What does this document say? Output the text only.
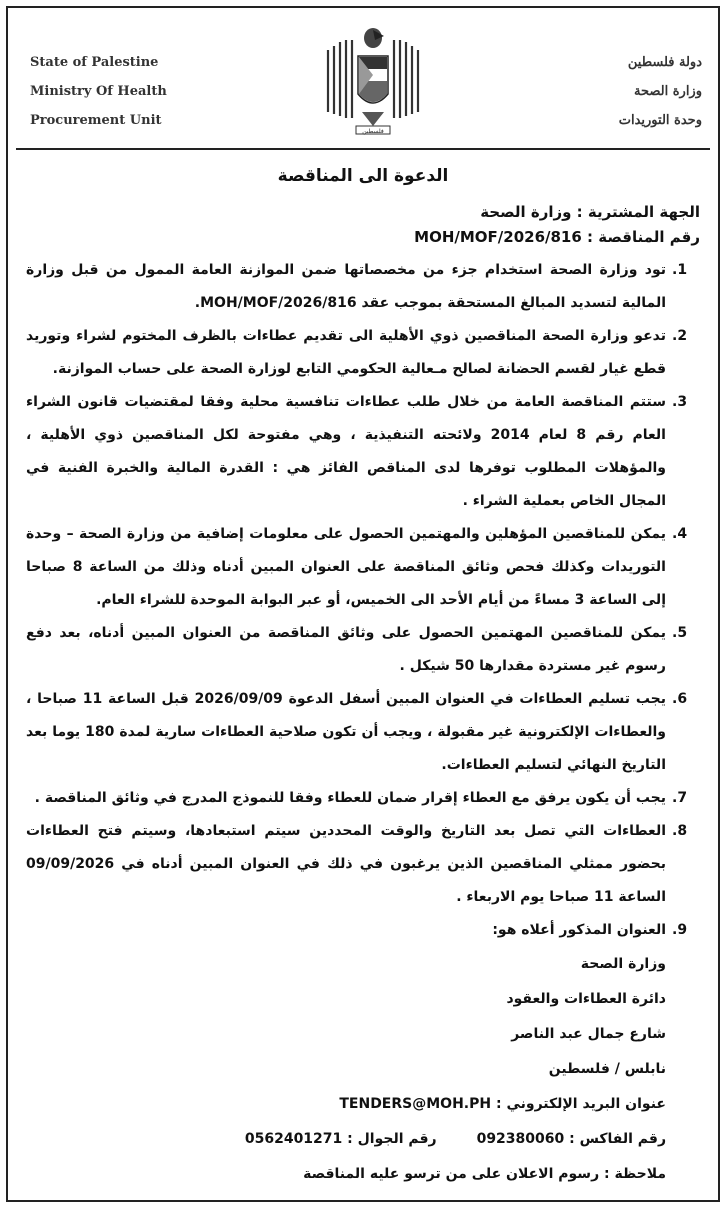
State of Palestine
Ministry Of Health
Procurement Unit
فلسطين
دولة فلسطين
وزارة الصحة
وحدة التوريدات
الدعوة الى المناقصة
الجهة المشترية : وزارة الصحة
رقم المناقصة : MOH/MOF/2026/816
.1
تود وزارة الصحة استخدام جزء من مخصصاتها ضمن الموازنة العامة الممول من قبل وزارة المالية لتسديد المبالغ المستحقة بموجب عقد MOH/MOF/2026/816.
.2
تدعو وزارة الصحة المناقصين ذوي الأهلية الى تقديم عطاءات بالظرف المختوم لشراء وتوريد قطع غيار لقسم الحضانة لصالح مـعالية الحكومي التابع لوزارة الصحة على حساب الموازنة.
.3
ستتم المناقصة العامة من خلال طلب عطاءات تنافسية محلية وفقا لمقتضيات قانون الشراء العام رقم 8 لعام 2014 ولائحته التنفيذية ، وهي مفتوحة لكل المناقصين ذوي الأهلية ، والمؤهلات المطلوب توفرها لدى المناقص الفائز هي : القدرة المالية والخبرة الفنية في المجال الخاص بعملية الشراء .
.4
يمكن للمناقصين المؤهلين والمهتمين الحصول على معلومات إضافية من وزارة الصحة – وحدة التوريدات وكذلك فحص وثائق المناقصة على العنوان المبين أدناه وذلك من الساعة 8 صباحا إلى الساعة 3 مساءً من أيام الأحد الى الخميس، أو عبر البوابة الموحدة للشراء العام.
.5
يمكن للمناقصين المهتمين الحصول على وثائق المناقصة من العنوان المبين أدناه، بعد دفع رسوم غير مستردة مقدارها 50 شيكل .
.6
يجب تسليم العطاءات في العنوان المبين أسفل الدعوة 2026/09/09 قبل الساعة 11 صباحا ، والعطاءات الإلكترونية غير مقبولة ، ويجب أن تكون صلاحية العطاءات سارية لمدة 180 يوما بعد التاريخ النهائي لتسليم العطاءات.
.7
يجب أن يكون يرفق مع العطاء إقرار ضمان للعطاء وفقا للنموذج المدرج في وثائق المناقصة .
.8
العطاءات التي تصل بعد التاريخ والوقت المحددين سيتم استبعادها، وسيتم فتح العطاءات بحضور ممثلي المناقصين الذين يرغبون في ذلك في العنوان المبين أدناه في 09/09/2026 الساعة 11 صباحا يوم الاربعاء .
.9
العنوان المذكور أعلاه هو:
وزارة الصحة
دائرة العطاءات والعقود
شارع جمال عبد الناصر
نابلس / فلسطين
عنوان البريد الإلكتروني : TENDERS@MOH.PH
رقم الفاكس : 092380060
رقم الجوال : 0562401271
ملاحظة : رسوم الاعلان على من ترسو عليه المناقصة
